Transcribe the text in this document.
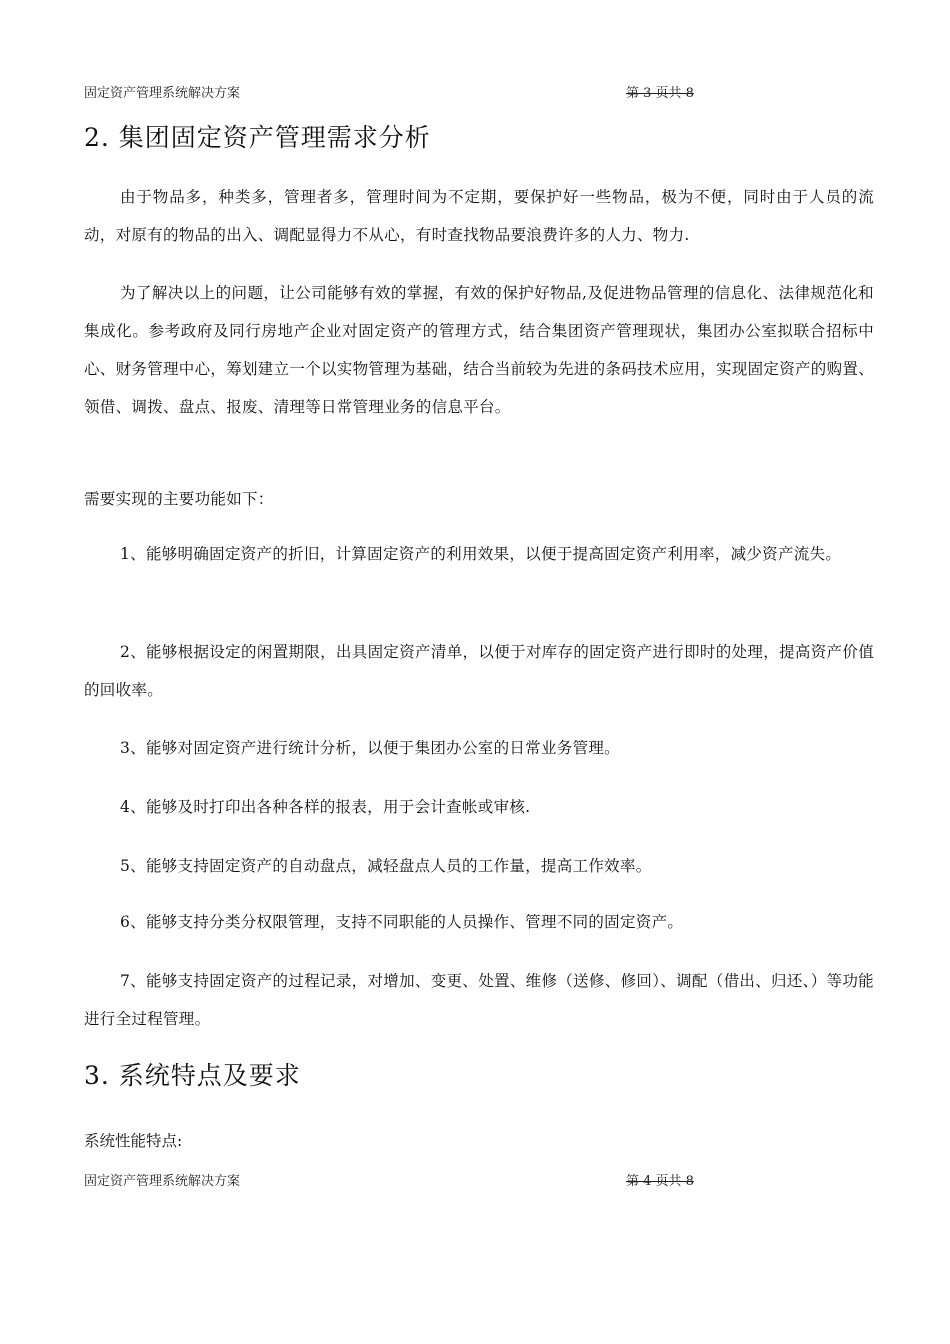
固定资产管理系统解决方案	第 3 页共 8
2. 集团固定资产管理需求分析
由于物品多，种类多，管理者多，管理时间为不定期，要保护好一些物品，极为不便，同时由于人员的流动，对原有的物品的出入、调配显得力不从心，有时查找物品要浪费许多的人力、物力.
为了解决以上的问题，让公司能够有效的掌握，有效的保护好物品,及促进物品管理的信息化、法律规范化和集成化。参考政府及同行房地产企业对固定资产的管理方式，结合集团资产管理现状，集团办公室拟联合招标中心、财务管理中心，筹划建立一个以实物管理为基础，结合当前较为先进的条码技术应用，实现固定资产的购置、领借、调拨、盘点、报废、清理等日常管理业务的信息平台。
需要实现的主要功能如下：
1、能够明确固定资产的折旧，计算固定资产的利用效果，以便于提高固定资产利用率，减少资产流失。
2、能够根据设定的闲置期限，出具固定资产清单，以便于对库存的固定资产进行即时的处理，提高资产价值的回收率。
3、能够对固定资产进行统计分析，以便于集团办公室的日常业务管理。
4、能够及时打印出各种各样的报表，用于会计查帐或审核.
5、能够支持固定资产的自动盘点，减轻盘点人员的工作量，提高工作效率。
6、能够支持分类分权限管理，支持不同职能的人员操作、管理不同的固定资产。
7、能够支持固定资产的过程记录，对增加、变更、处置、维修（送修、修回）、调配（借出、归还、）等功能进行全过程管理。
3. 系统特点及要求
系统性能特点:
固定资产管理系统解决方案	第 4 页共 8
